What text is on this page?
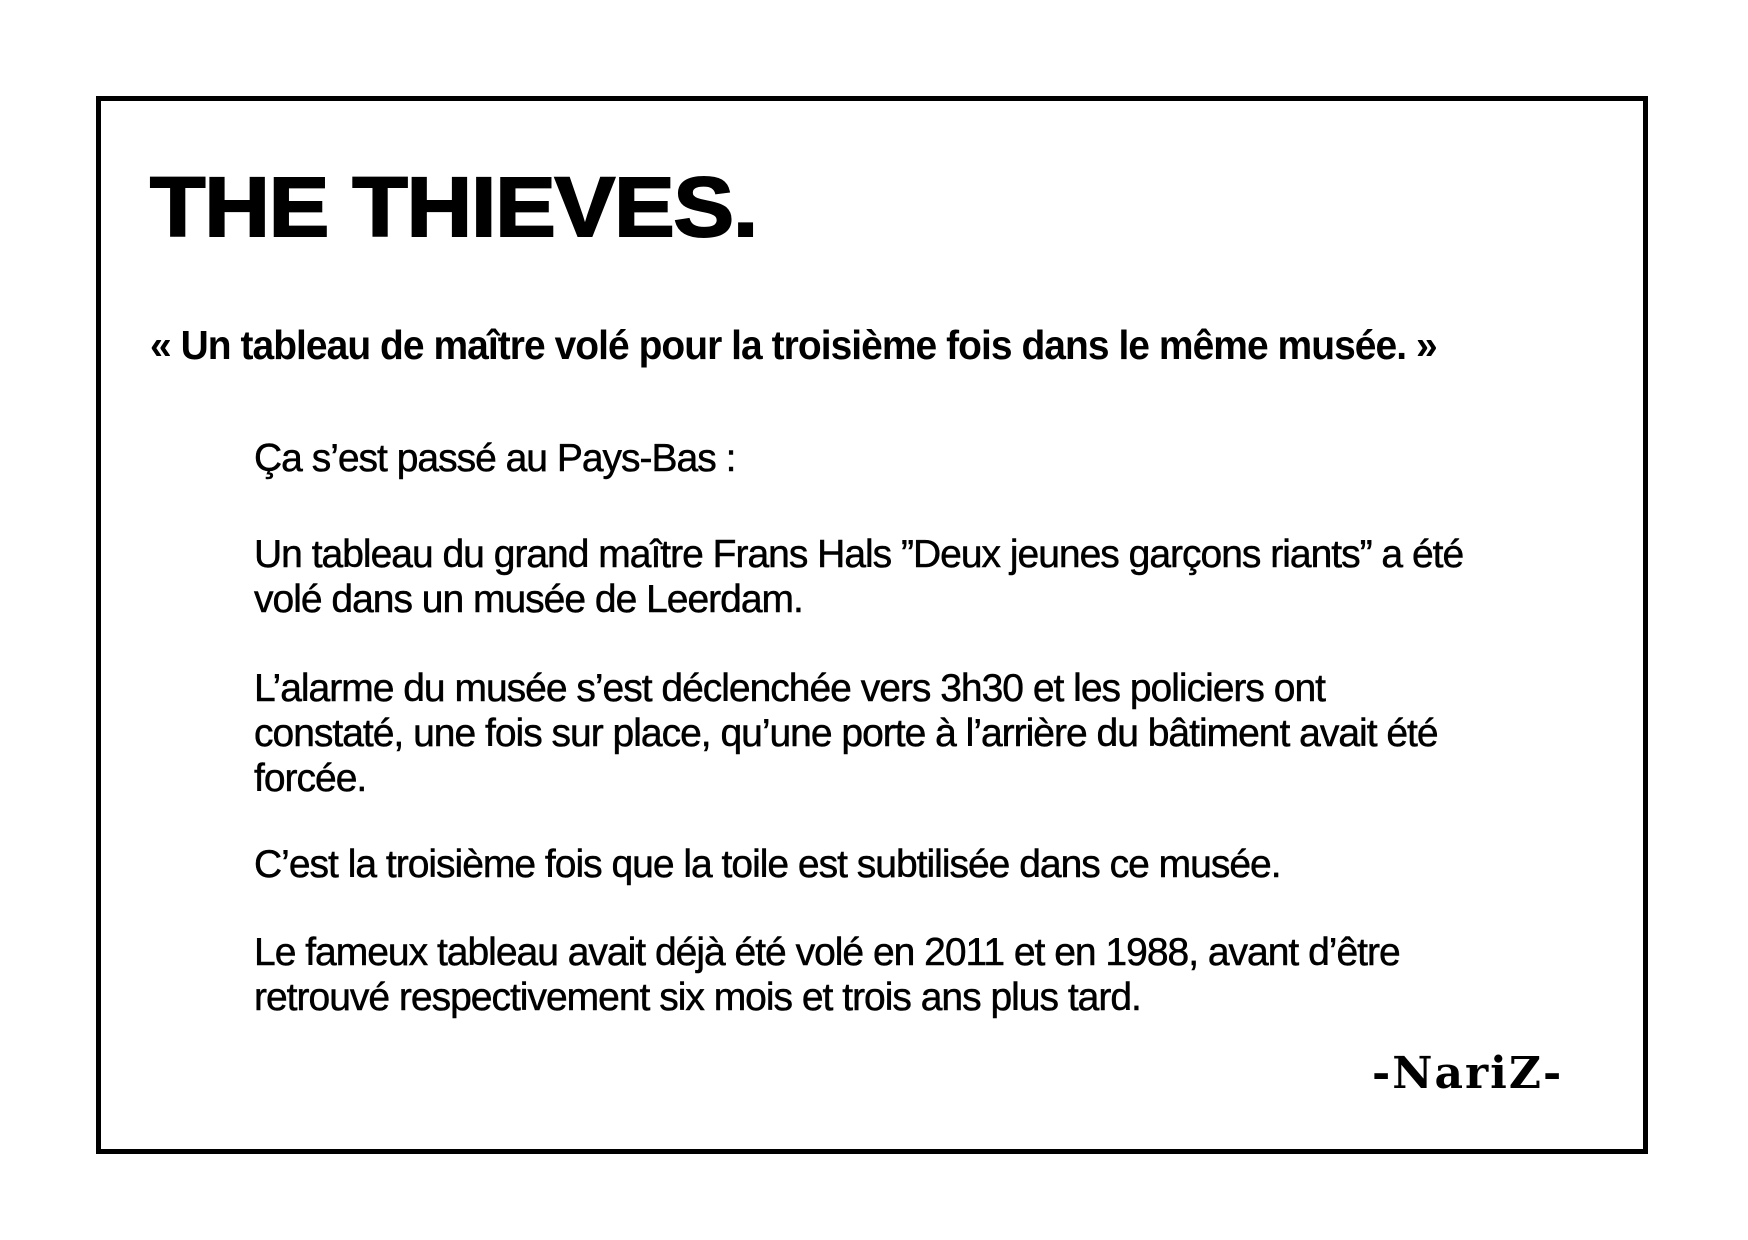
THE THIEVES.

« Un tableau de maître volé pour la troisième fois dans le même musée. »

Ça s’est passé au Pays-Bas :

Un tableau du grand maître Frans Hals ”Deux jeunes garçons riants” a été volé dans un musée de Leerdam.

L’alarme du musée s’est déclenchée vers 3h30 et les policiers ont constaté, une fois sur place, qu’une porte à l’arrière du bâtiment avait été forcée.

C’est la troisième fois que la toile est subtilisée dans ce musée.

Le fameux tableau avait déjà été volé en 2011 et en 1988, avant d’être retrouvé respectivement six mois et trois ans plus tard.

-NariZ-
